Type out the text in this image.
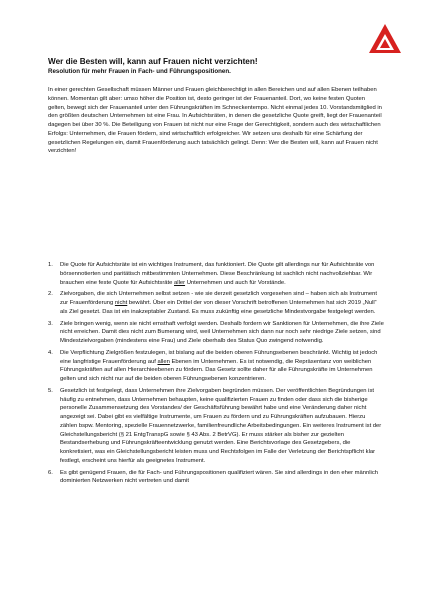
Wer die Besten will, kann auf Frauen nicht verzichten!
Resolution für mehr Frauen in Fach- und Führungspositionen.

In einer gerechten Gesellschaft müssen Männer und Frauen gleichberechtigt in allen Bereichen und auf allen Ebenen teilhaben können. Momentan gilt aber: umso höher die Position ist, desto geringer ist der Frauenanteil. Dort, wo keine festen Quoten gelten, bewegt sich der Frauenanteil unter den Führungskräften im Schneckentempo. Nicht einmal jedes 10. Vorstandsmitglied in den größten deutschen Unternehmen ist eine Frau. In Aufsichtsräten, in denen die gesetzliche Quote greift, liegt der Frauenanteil dagegen bei über 30 %. Die Beteiligung von Frauen ist nicht nur eine Frage der Gerechtigkeit, sondern auch des wirtschaftlichen Erfolgs: Unternehmen, die Frauen fördern, sind wirtschaftlich erfolgreicher. Wir setzen uns deshalb für eine Schärfung der gesetzlichen Regelungen ein, damit Frauenförderung auch tatsächlich gelingt. Denn: Wer die Besten will, kann auf Frauen nicht verzichten!

1. Die Quote für Aufsichtsräte ist ein wichtiges Instrument, das funktioniert. Die Quote gilt allerdings nur für Aufsichtsräte von börsennotierten und paritätisch mitbestimmten Unternehmen. Diese Beschränkung ist sachlich nicht nachvollziehbar. Wir brauchen eine feste Quote für Aufsichtsräte aller Unternehmen und auch für Vorstände.
2. Zielvorgaben, die sich Unternehmen selbst setzen - wie sie derzeit gesetzlich vorgesehen sind – haben sich als Instrument zur Frauenförderung nicht bewährt. Über ein Drittel der von dieser Vorschrift betroffenen Unternehmen hat sich 2019 „Null“ als Ziel gesetzt. Das ist ein inakzeptabler Zustand. Es muss zukünftig eine gesetzliche Mindestvorgabe festgelegt werden.
3. Ziele bringen wenig, wenn sie nicht ernsthaft verfolgt werden. Deshalb fordern wir Sanktionen für Unternehmen, die ihre Ziele nicht erreichen. Damit dies nicht zum Bumerang wird, weil Unternehmen sich dann nur noch sehr niedrige Ziele setzen, sind Mindestzielvorgaben (mindestens eine Frau) und Ziele oberhalb des Status Quo zwingend notwendig.
4. Die Verpflichtung Zielgrößen festzulegen, ist bislang auf die beiden oberen Führungsebenen beschränkt. Wichtig ist jedoch eine langfristige Frauenförderung auf allen Ebenen im Unternehmen. Es ist notwendig, die Repräsentanz von weiblichen Führungskräften auf allen Hierarchieebenen zu fördern. Das Gesetz sollte daher für alle Führungskräfte im Unternehmen gelten und sich nicht nur auf die beiden oberen Führungsebenen konzentrieren.
5. Gesetzlich ist festgelegt, dass Unternehmen ihre Zielvorgaben begründen müssen. Der veröffentlichten Begründungen ist häufig zu entnehmen, dass Unternehmen behaupten, keine qualifizierten Frauen zu finden oder dass sich die bisherige personelle Zusammensetzung des Vorstandes/ der Geschäftsführung bewährt habe und eine Veränderung daher nicht angezeigt sei. Dabei gibt es vielfältige Instrumente, um Frauen zu fördern und zu Führungskräften aufzubauen. Hierzu zählen bspw. Mentoring, spezielle Frauennetzwerke, familienfreundliche Arbeitsbedingungen. Ein weiteres Instrument ist der Gleichstellungsbericht (§ 21 EntgTranspG sowie § 43 Abs. 2 BetrVG). Er muss stärker als bisher zur gezielten Bestandserhebung und Führungskräfteentwicklung genutzt werden. Eine Berichtsvorlage des Gesetzgebers, die konkretisiert, was ein Gleichstellungsbericht leisten muss und Rechtsfolgen im Falle der Verletzung der Berichtspflicht klar festlegt, erscheint uns hierfür als geeignetes Instrument.
6. Es gibt genügend Frauen, die für Fach- und Führungspositionen qualifiziert wären. Sie sind allerdings in den eher männlich dominierten Netzwerken nicht vertreten und damit
